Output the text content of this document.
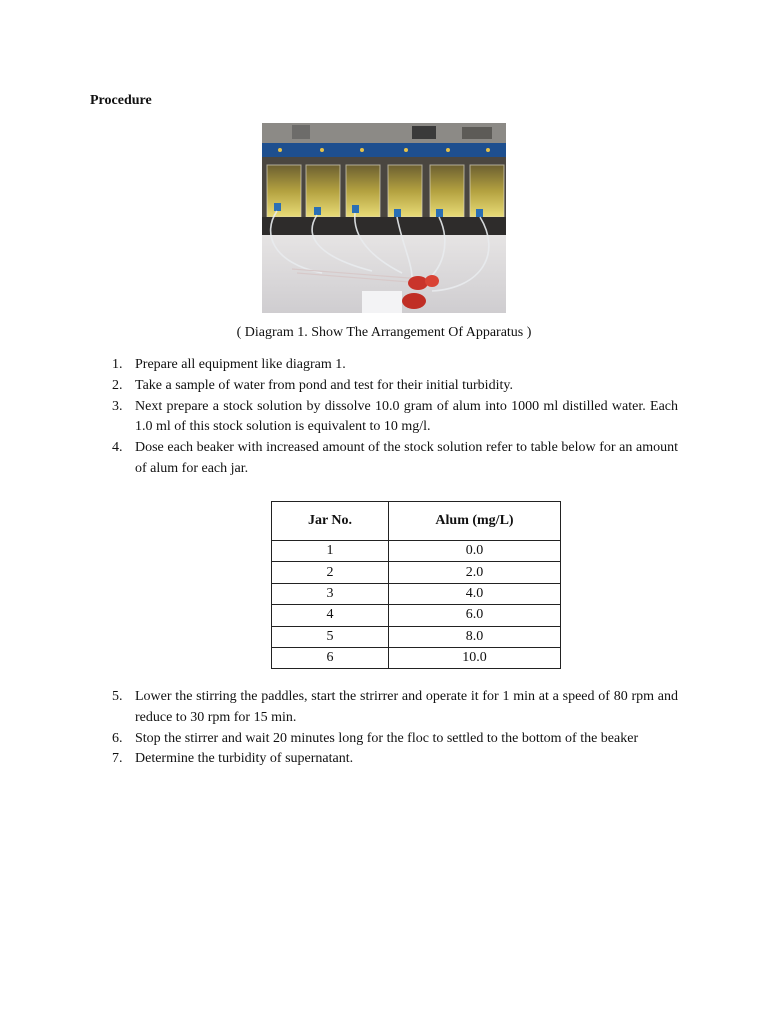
Procedure
( Diagram 1. Show The Arrangement Of Apparatus )
1. Prepare all equipment like diagram 1.
2. Take a sample of water from pond and test for their initial turbidity.
3. Next prepare a stock solution by dissolve 10.0 gram of alum into 1000 ml distilled water. Each 1.0 ml of this stock solution is equivalent to 10 mg/l.
4. Dose each beaker with increased amount of the stock solution refer to table below for an amount of alum for each jar.
Jar No.	Alum (mg/L)
1	0.0
2	2.0
3	4.0
4	6.0
5	8.0
6	10.0
5. Lower the stirring the paddles, start the strirrer and operate it for 1 min at a speed of 80 rpm and reduce to 30 rpm for 15 min.
6. Stop the stirrer and wait 20 minutes long for the floc to settled to the bottom of the beaker
7. Determine the turbidity of supernatant.
